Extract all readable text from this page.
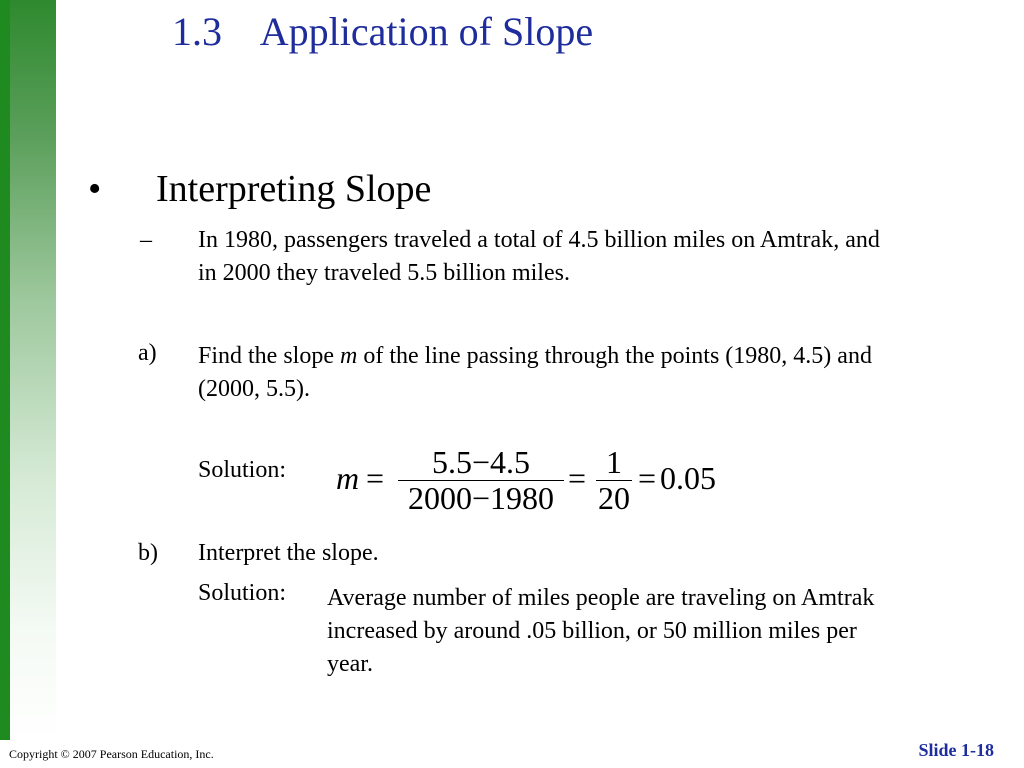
1.3 Application of Slope
• Interpreting Slope
– In 1980, passengers traveled a total of 4.5 billion miles on Amtrak, and in 2000 they traveled 5.5 billion miles.
a) Find the slope m of the line passing through the points (1980, 4.5) and (2000, 5.5).
Solution: m =	5.5−4.5
2000−1980
= 1
20
= 0.05
b) Interpret the slope.
Solution: Average number of miles people are traveling on Amtrak increased by around .05 billion, or 50 million miles per year.
Copyright © 2007 Pearson Education, Inc.	Slide 1-18
